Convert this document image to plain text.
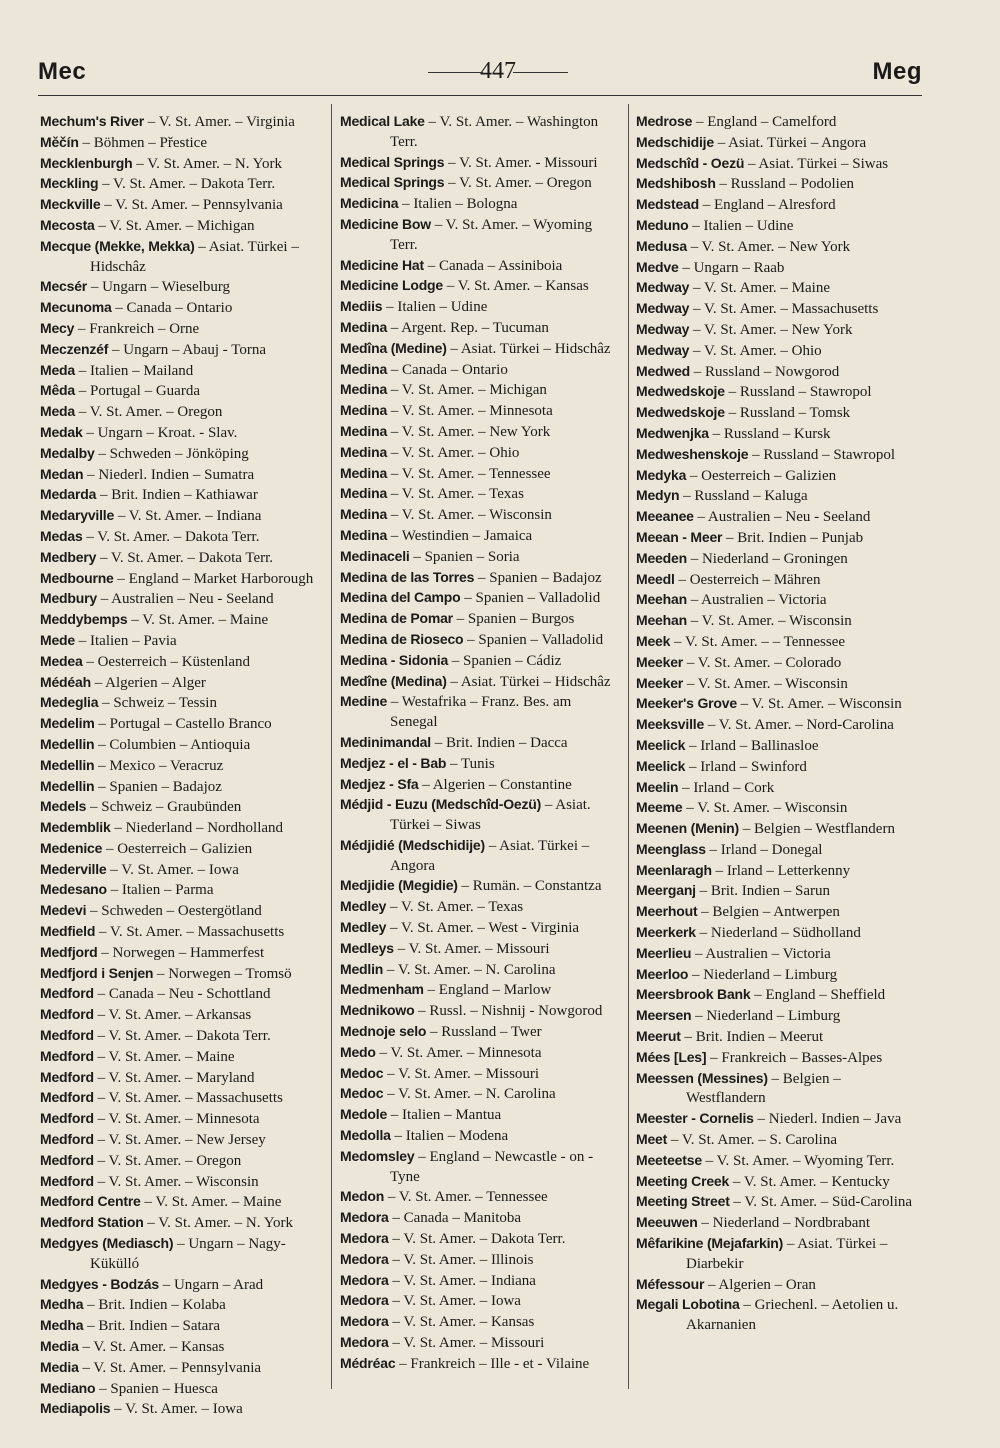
Mec	447	Meg
Mechum's River – V. St. Amer. – Virginia
Měčín – Böhmen – Přestice
Mecklenburgh – V. St. Amer. – N. York
Meckling – V. St. Amer. – Dakota Terr.
Meckville – V. St. Amer. – Pennsylvania
Mecosta – V. St. Amer. – Michigan
Mecque (Mekke, Mekka) – Asiat. Türkei – Hidschâz
Mecsér – Ungarn – Wieselburg
Mecunoma – Canada – Ontario
Mecy – Frankreich – Orne
Meczenzéf – Ungarn – Abauj - Torna
Meda – Italien – Mailand
Mêda – Portugal – Guarda
Meda – V. St. Amer. – Oregon
Medak – Ungarn – Kroat. - Slav.
Medalby – Schweden – Jönköping
Medan – Niederl. Indien – Sumatra
Medarda – Brit. Indien – Kathiawar
Medaryville – V. St. Amer. – Indiana
Medas – V. St. Amer. – Dakota Terr.
Medbery – V. St. Amer. – Dakota Terr.
Medbourne – England – Market Harborough
Medbury – Australien – Neu - Seeland
Meddybemps – V. St. Amer. – Maine
Mede – Italien – Pavia
Medea – Oesterreich – Küstenland
Médéah – Algerien – Alger
Medeglia – Schweiz – Tessin
Medelim – Portugal – Castello Branco
Medellin – Columbien – Antioquia
Medellin – Mexico – Veracruz
Medellin – Spanien – Badajoz
Medels – Schweiz – Graubünden
Medemblik – Niederland – Nordholland
Medenice – Oesterreich – Galizien
Mederville – V. St. Amer. – Iowa
Medesano – Italien – Parma
Medevi – Schweden – Oestergötland
Medfield – V. St. Amer. – Massachusetts
Medfjord – Norwegen – Hammerfest
Medfjord i Senjen – Norwegen – Tromsö
Medford – Canada – Neu - Schottland
Medford – V. St. Amer. – Arkansas
Medford – V. St. Amer. – Dakota Terr.
Medford – V. St. Amer. – Maine
Medford – V. St. Amer. – Maryland
Medford – V. St. Amer. – Massachusetts
Medford – V. St. Amer. – Minnesota
Medford – V. St. Amer. – New Jersey
Medford – V. St. Amer. – Oregon
Medford – V. St. Amer. – Wisconsin
Medford Centre – V. St. Amer. – Maine
Medford Station – V. St. Amer. – N. York
Medgyes (Mediasch) – Ungarn – Nagy-Kükülló
Medgyes - Bodzás – Ungarn – Arad
Medha – Brit. Indien – Kolaba
Medha – Brit. Indien – Satara
Media – V. St. Amer. – Kansas
Media – V. St. Amer. – Pennsylvania
Mediano – Spanien – Huesca
Mediapolis – V. St. Amer. – Iowa
Medical Lake – V. St. Amer. – Washington Terr.
Medical Springs – V. St. Amer. - Missouri
Medical Springs – V. St. Amer. – Oregon
Medicina – Italien – Bologna
Medicine Bow – V. St. Amer. – Wyoming Terr.
Medicine Hat – Canada – Assiniboia
Medicine Lodge – V. St. Amer. – Kansas
Mediis – Italien – Udine
Medina – Argent. Rep. – Tucuman
Medîna (Medine) – Asiat. Türkei – Hidschâz
Medina – Canada – Ontario
Medina – V. St. Amer. – Michigan
Medina – V. St. Amer. – Minnesota
Medina – V. St. Amer. – New York
Medina – V. St. Amer. – Ohio
Medina – V. St. Amer. – Tennessee
Medina – V. St. Amer. – Texas
Medina – V. St. Amer. – Wisconsin
Medina – Westindien – Jamaica
Medinaceli – Spanien – Soria
Medina de las Torres – Spanien – Badajoz
Medina del Campo – Spanien – Valladolid
Medina de Pomar – Spanien – Burgos
Medina de Rioseco – Spanien – Valladolid
Medina - Sidonia – Spanien – Cádiz
Medîne (Medina) – Asiat. Türkei – Hidschâz
Medine – Westafrika – Franz. Bes. am Senegal
Medinimandal – Brit. Indien – Dacca
Medjez - el - Bab – Tunis
Medjez - Sfa – Algerien – Constantine
Médjid - Euzu (Medschîd-Oezü) – Asiat. Türkei – Siwas
Médjidié (Medschidije) – Asiat. Türkei – Angora
Medjidie (Megidie) – Rumän. – Constantza
Medley – V. St. Amer. – Texas
Medley – V. St. Amer. – West - Virginia
Medleys – V. St. Amer. – Missouri
Medlin – V. St. Amer. – N. Carolina
Medmenham – England – Marlow
Mednikowo – Russl. – Nishnij - Nowgorod
Mednoje selo – Russland – Twer
Medo – V. St. Amer. – Minnesota
Medoc – V. St. Amer. – Missouri
Medoc – V. St. Amer. – N. Carolina
Medole – Italien – Mantua
Medolla – Italien – Modena
Medomsley – England – Newcastle - on - Tyne
Medon – V. St. Amer. – Tennessee
Medora – Canada – Manitoba
Medora – V. St. Amer. – Dakota Terr.
Medora – V. St. Amer. – Illinois
Medora – V. St. Amer. – Indiana
Medora – V. St. Amer. – Iowa
Medora – V. St. Amer. – Kansas
Medora – V. St. Amer. – Missouri
Médréac – Frankreich – Ille - et - Vilaine
Medrose – England – Camelford
Medschidije – Asiat. Türkei – Angora
Medschîd - Oezü – Asiat. Türkei – Siwas
Medshibosh – Russland – Podolien
Medstead – England – Alresford
Meduno – Italien – Udine
Medusa – V. St. Amer. – New York
Medve – Ungarn – Raab
Medway – V. St. Amer. – Maine
Medway – V. St. Amer. – Massachusetts
Medway – V. St. Amer. – New York
Medway – V. St. Amer. – Ohio
Medwed – Russland – Nowgorod
Medwedskoje – Russland – Stawropol
Medwedskoje – Russland – Tomsk
Medwenjka – Russland – Kursk
Medweshenskoje – Russland – Stawropol
Medyka – Oesterreich – Galizien
Medyn – Russland – Kaluga
Meeanee – Australien – Neu - Seeland
Meean - Meer – Brit. Indien – Punjab
Meeden – Niederland – Groningen
Meedl – Oesterreich – Mähren
Meehan – Australien – Victoria
Meehan – V. St. Amer. – Wisconsin
Meek – V. St. Amer. – – Tennessee
Meeker – V. St. Amer. – Colorado
Meeker – V. St. Amer. – Wisconsin
Meeker's Grove – V. St. Amer. – Wisconsin
Meeksville – V. St. Amer. – Nord-Carolina
Meelick – Irland – Ballinasloe
Meelick – Irland – Swinford
Meelin – Irland – Cork
Meeme – V. St. Amer. – Wisconsin
Meenen (Menin) – Belgien – Westflandern
Meenglass – Irland – Donegal
Meenlaragh – Irland – Letterkenny
Meerganj – Brit. Indien – Sarun
Meerhout – Belgien – Antwerpen
Meerkerk – Niederland – Südholland
Meerlieu – Australien – Victoria
Meerloo – Niederland – Limburg
Meersbrook Bank – England – Sheffield
Meersen – Niederland – Limburg
Meerut – Brit. Indien – Meerut
Mées [Les] – Frankreich – Basses-Alpes
Meessen (Messines) – Belgien – Westflandern
Meester - Cornelis – Niederl. Indien – Java
Meet – V. St. Amer. – S. Carolina
Meeteetse – V. St. Amer. – Wyoming Terr.
Meeting Creek – V. St. Amer. – Kentucky
Meeting Street – V. St. Amer. – Süd-Carolina
Meeuwen – Niederland – Nordbrabant
Mêfarikine (Mejafarkin) – Asiat. Türkei – Diarbekir
Méfessour – Algerien – Oran
Megali Lobotina – Griechenl. – Aetolien u. Akarnanien
